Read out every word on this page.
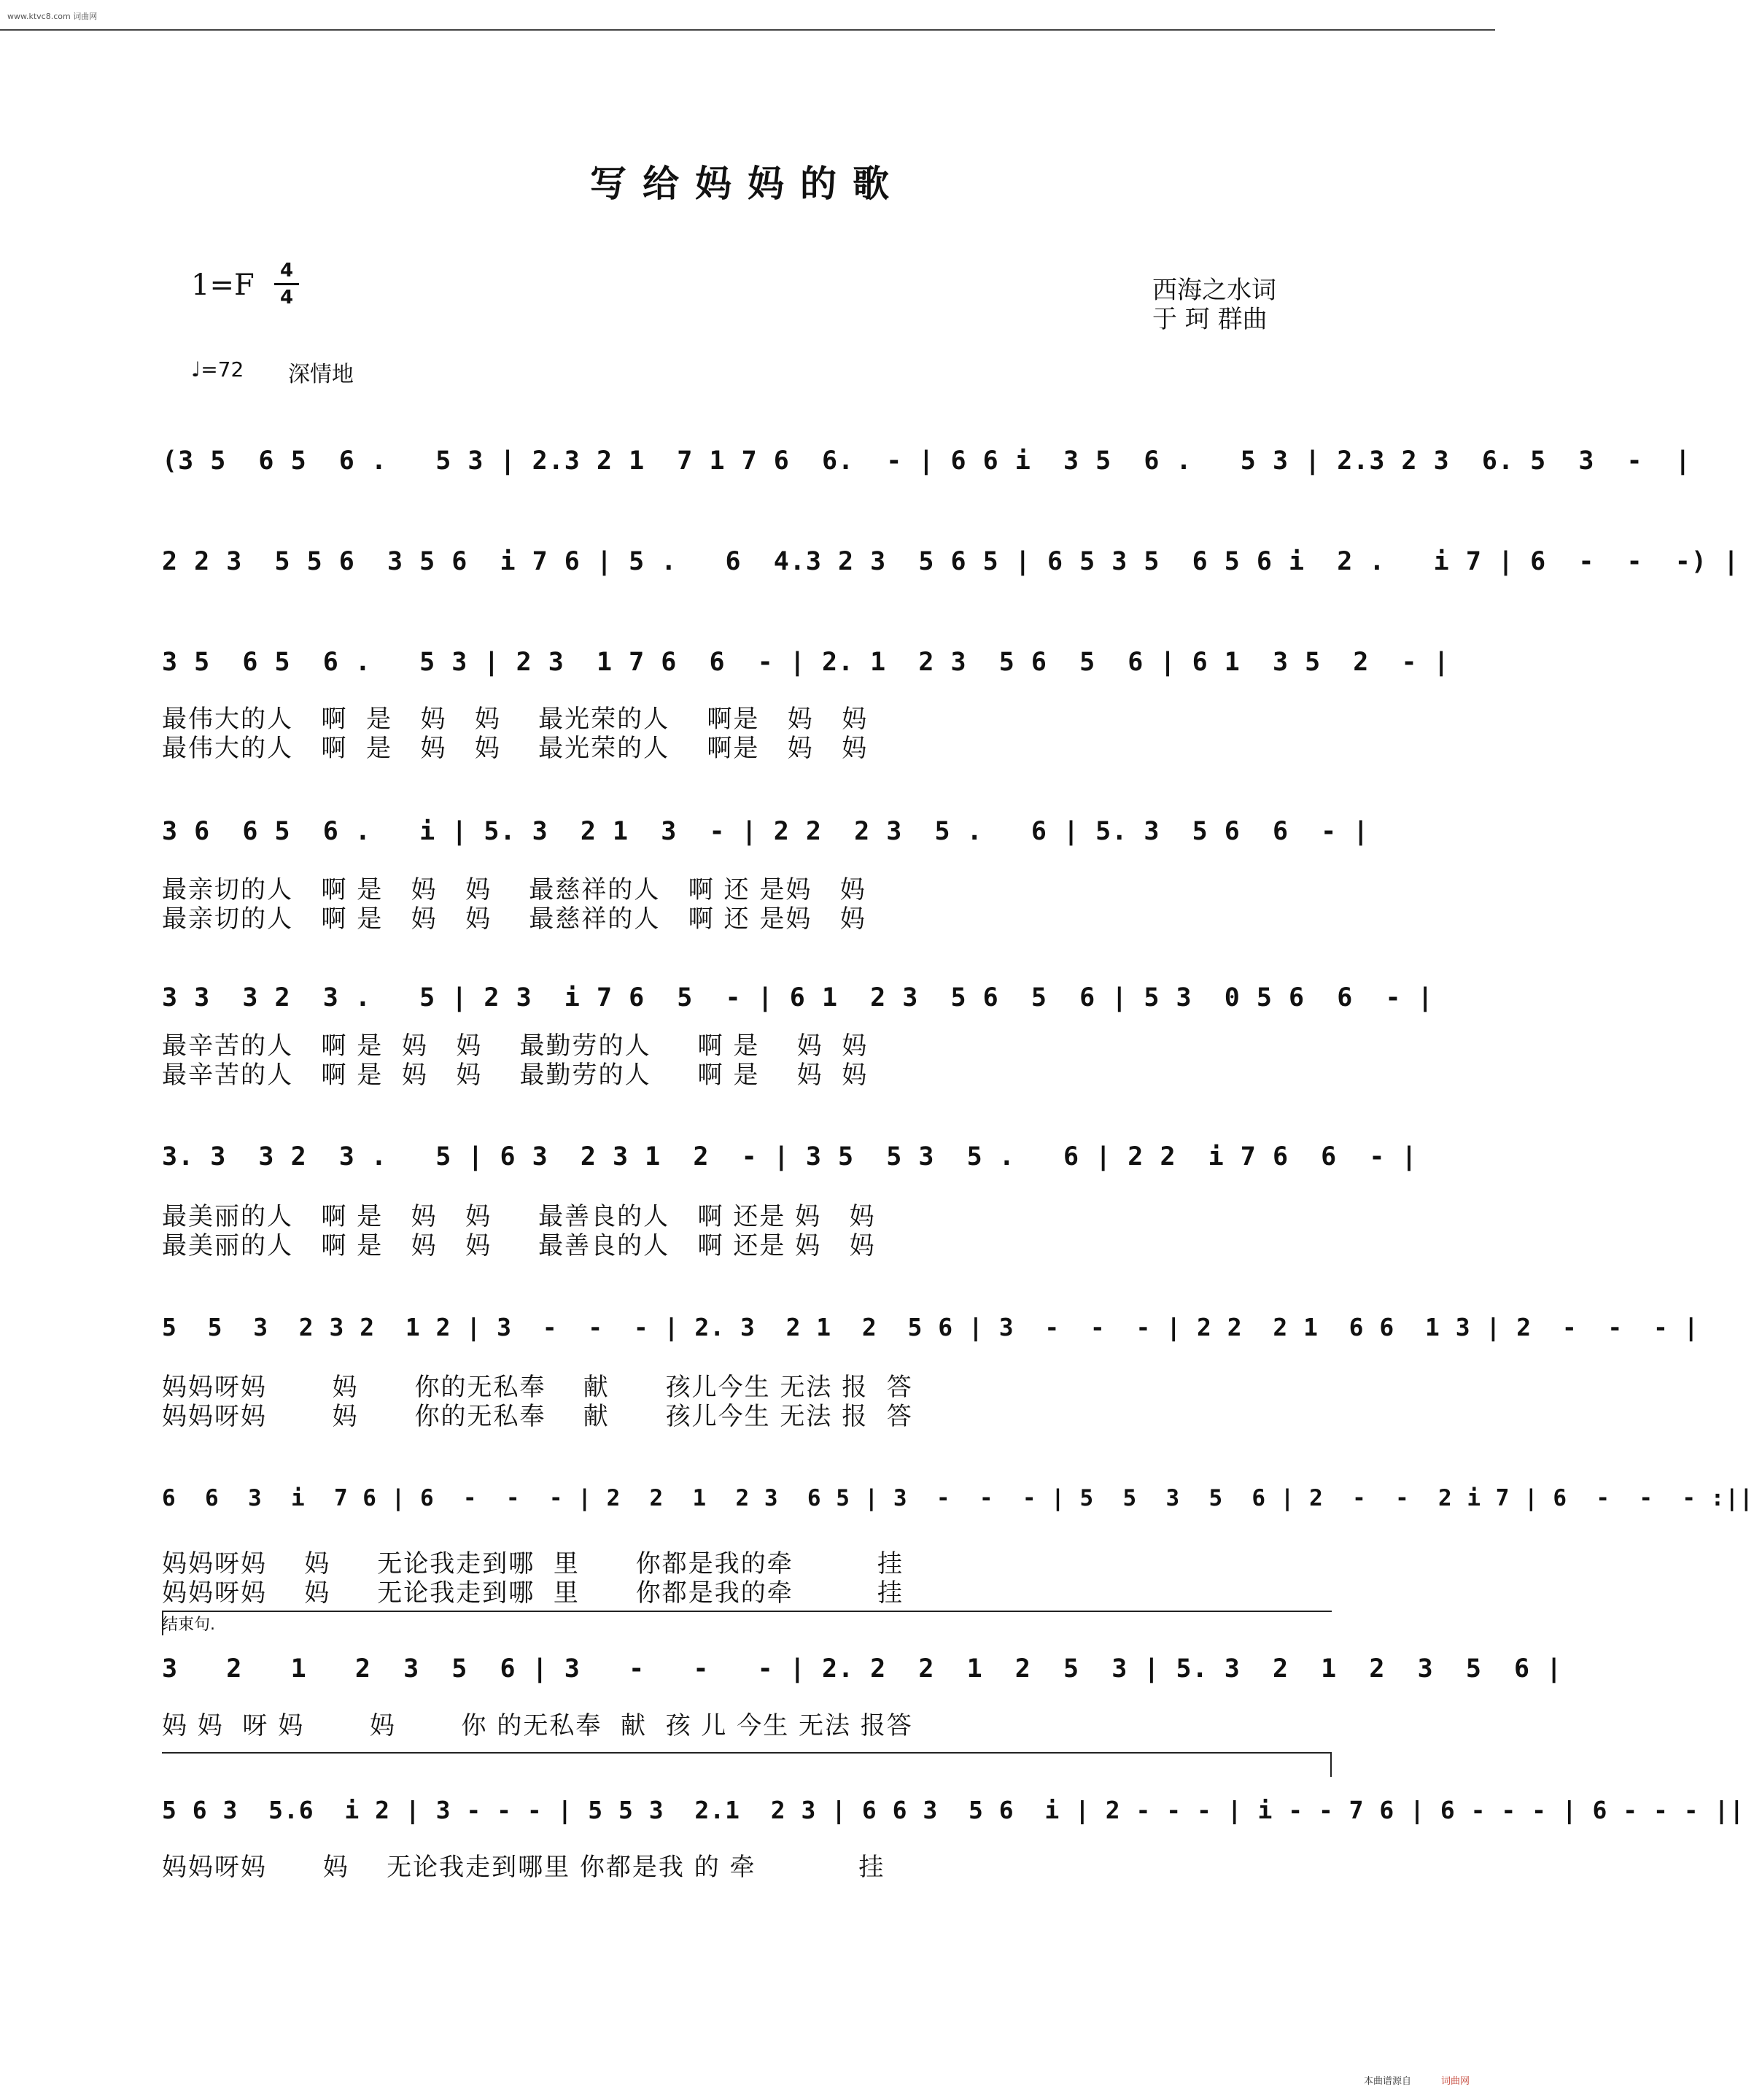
www.ktvc8.com 词曲网
写给妈妈的歌
1=F	4
4	西海之水词
于 珂 群曲
♩=72 深情地
(3 5  6 5  6 .   5 3 | 2.3 2 1  7 1 7 6  6.  - | 6 6 i  3 5  6 .   5 3 | 2.3 2 3  6. 5  3  -  |
2 2 3  5 5 6  3 5 6  i 7 6 | 5 .   6  4.3 2 3  5 6 5 | 6 5 3 5  6 5 6 i  2 .   i 7 | 6  -  -  -) |
3 5  6 5  6 .   5 3 | 2 3  1 7 6  6  - | 2. 1  2 3  5 6  5  6 | 6 1  3 5  2  - |
最伟大的人   啊  是   妈   妈    最光荣的人    啊是   妈   妈
最伟大的人   啊  是   妈   妈    最光荣的人    啊是   妈   妈
3 6  6 5  6 .   i | 5. 3  2 1  3  - | 2 2  2 3  5 .   6 | 5. 3  5 6  6  - |
最亲切的人   啊 是   妈   妈    最慈祥的人   啊 还 是妈   妈
最亲切的人   啊 是   妈   妈    最慈祥的人   啊 还 是妈   妈
3 3  3 2  3 .   5 | 2 3  i 7 6  5  - | 6 1  2 3  5 6  5  6 | 5 3  0 5 6  6  - |
最辛苦的人   啊 是  妈   妈    最勤劳的人     啊 是    妈  妈
最辛苦的人   啊 是  妈   妈    最勤劳的人     啊 是    妈  妈
3. 3  3 2  3 .   5 | 6 3  2 3 1  2  - | 3 5  5 3  5 .   6 | 2 2  i 7 6  6  - |
最美丽的人   啊 是   妈   妈     最善良的人   啊 还是 妈   妈
最美丽的人   啊 是   妈   妈     最善良的人   啊 还是 妈   妈
5  5  3  2 3 2  1 2 | 3  -  -  - | 2. 3  2 1  2  5 6 | 3  -  -  - | 2 2  2 1  6 6  1 3 | 2  -  -  - |
妈妈呀妈       妈      你的无私奉    献      孩儿今生 无法 报  答
妈妈呀妈       妈      你的无私奉    献      孩儿今生 无法 报  答
6  6  3  i  7 6 | 6  -  -  - | 2  2  1  2 3  6 5 | 3  -  -  - | 5  5  3  5  6 | 2  -  -  2 i 7 | 6  -  -  - :||
妈妈呀妈    妈     无论我走到哪  里      你都是我的牵         挂
妈妈呀妈    妈     无论我走到哪  里      你都是我的牵         挂
结束句.
3   2   1   2  3  5  6 | 3   -   -   - | 2. 2  2  1  2  5  3 | 5. 3  2  1  2  3  5  6 |
妈 妈  呀 妈       妈       你 的无私奉  献  孩 儿 今生 无法 报答
5 6 3  5.6  i 2 | 3 - - - | 5 5 3  2.1  2 3 | 6 6 3  5 6  i | 2 - - - | i - - 7 6 | 6 - - - | 6 - - - ||
妈妈呀妈      妈    无论我走到哪里 你都是我 的 牵           挂
本曲谱源自	词曲网
